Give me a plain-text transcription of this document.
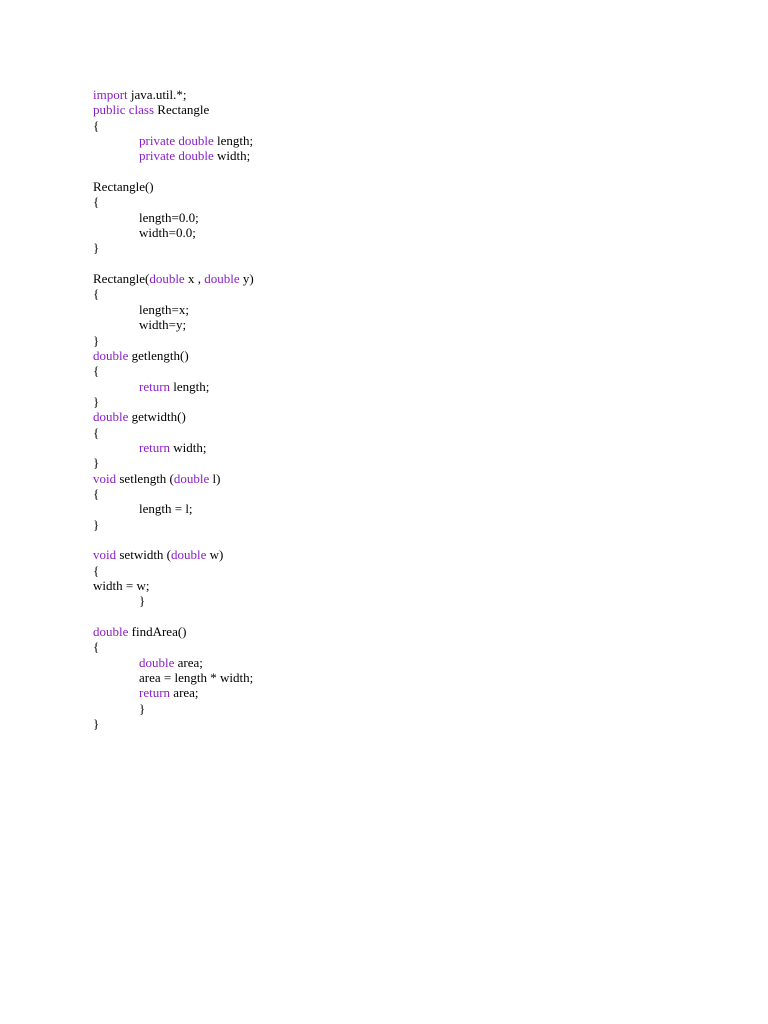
import java.util.*;
public class Rectangle
{
private double length;
private double width;
Rectangle()
{
length=0.0;
width=0.0;
}
Rectangle(double x , double y)
{
length=x;
width=y;
}
double getlength()
{
return length;
}
double getwidth()
{
return width;
}
void setlength (double l)
{
length = l;
}
void setwidth (double w)
{
width = w;
}
double findArea()
{
double area;
area = length * width;
return area;
}
}
